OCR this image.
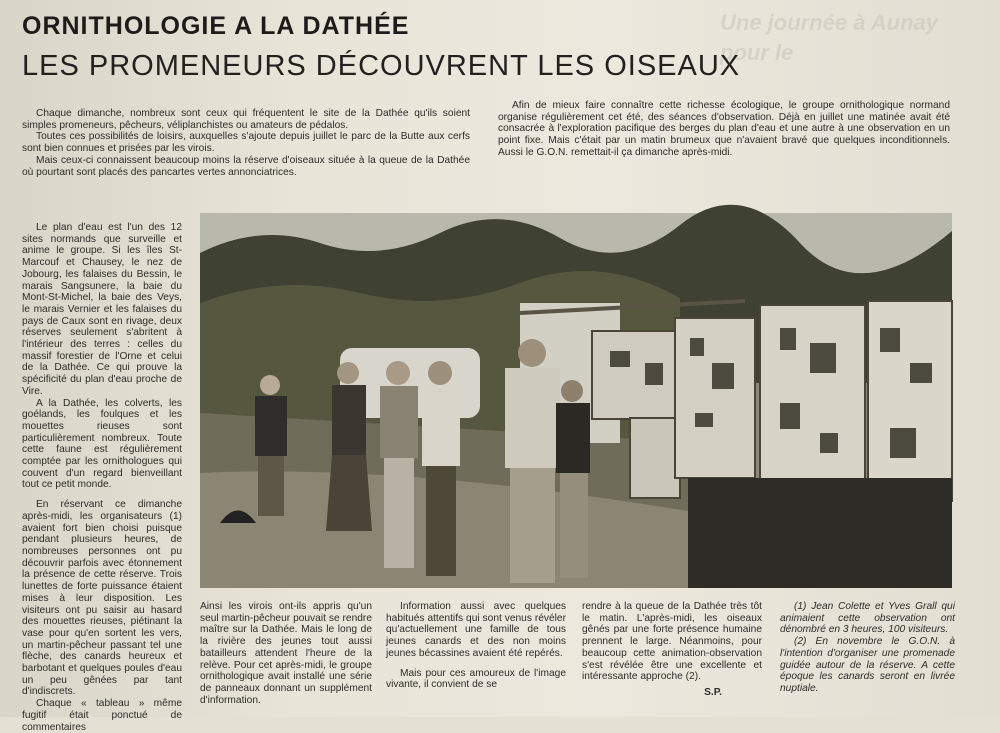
Une journée à Aunay pour le
ORNITHOLOGIE A LA DATHÉE
LES PROMENEURS DÉCOUVRENT LES OISEAUX

Chaque dimanche, nombreux sont ceux qui fréquentent le site de la Dathée qu'ils soient simples promeneurs, pêcheurs, véliplanchistes ou amateurs de pédalos.

Toutes ces possibilités de loisirs, auxquelles s'ajoute depuis juillet le parc de la Butte aux cerfs sont bien connues et prisées par les virois.

Mais ceux-ci connaissent beaucoup moins la réserve d'oiseaux située à la queue de la Dathée où pourtant sont placés des pancartes vertes annonciatrices.

Afin de mieux faire connaître cette richesse écologique, le groupe ornithologique normand organise régulièrement cet été, des séances d'observation. Déjà en juillet une matinée avait été consacrée à l'exploration pacifique des berges du plan d'eau et une autre à une observation en un point fixe. Mais c'était par un matin brumeux que n'avaient bravé que quelques inconditionnels. Aussi le G.O.N. remettait-il ça dimanche après-midi.

Le plan d'eau est l'un des 12 sites normands que surveille et anime le groupe. Si les îles St-Marcouf et Chausey, le nez de Jobourg, les falaises du Bessin, le marais Sangsunere, la baie du Mont-St-Michel, la baie des Veys, le marais Vernier et les falaises du pays de Caux sont en rivage, deux réserves seulement s'abritent à l'intérieur des terres : celles du massif forestier de l'Orne et celui de la Dathée. Ce qui prouve la spécificité du plan d'eau proche de Vire.

A la Dathée, les colverts, les goélands, les foulques et les mouettes rieuses sont particulièrement nombreux. Toute cette faune est régulièrement comptée par les ornithologues qui couvent d'un regard bienveillant tout ce petit monde.

En réservant ce dimanche après-midi, les organisateurs (1) avaient fort bien choisi puisque pendant plusieurs heures, de nombreuses personnes ont pu découvrir parfois avec étonnement la présence de cette réserve. Trois lunettes de forte puissance étaient mises à leur disposition. Les visiteurs ont pu saisir au hasard des mouettes rieuses, piétinant la vase pour qu'en sortent les vers, un martin-pêcheur passant tel une flèche, des canards heureux et barbotant et quelques poules d'eau un peu gênées par tant d'indiscrets.

Chaque « tableau » même fugitif était ponctué de commentaires

Ainsi les virois ont-ils appris qu'un seul martin-pêcheur pouvait se rendre maître sur la Dathée. Mais le long de la rivière des jeunes tout aussi batailleurs attendent l'heure de la relève. Pour cet après-midi, le groupe ornithologique avait installé une série de panneaux donnant un supplément d'information.

Information aussi avec quelques habitués attentifs qui sont venus révéler qu'actuellement une famille de tous jeunes canards et des non moins jeunes bécassines avaient été repérés.

Mais pour ces amoureux de l'image vivante, il convient de se

rendre à la queue de la Dathée très tôt le matin. L'après-midi, les oiseaux gênés par une forte présence humaine prennent le large. Néanmoins, pour beaucoup cette animation-observation s'est révélée être une excellente et intéressante approche (2).

S.P.

(1) Jean Colette et Yves Grall qui animaient cette observation ont dénombré en 3 heures, 100 visiteurs.

(2) En novembre le G.O.N. à l'intention d'organiser une promenade guidée autour de la réserve. A cette époque les canards seront en livrée nuptiale.
